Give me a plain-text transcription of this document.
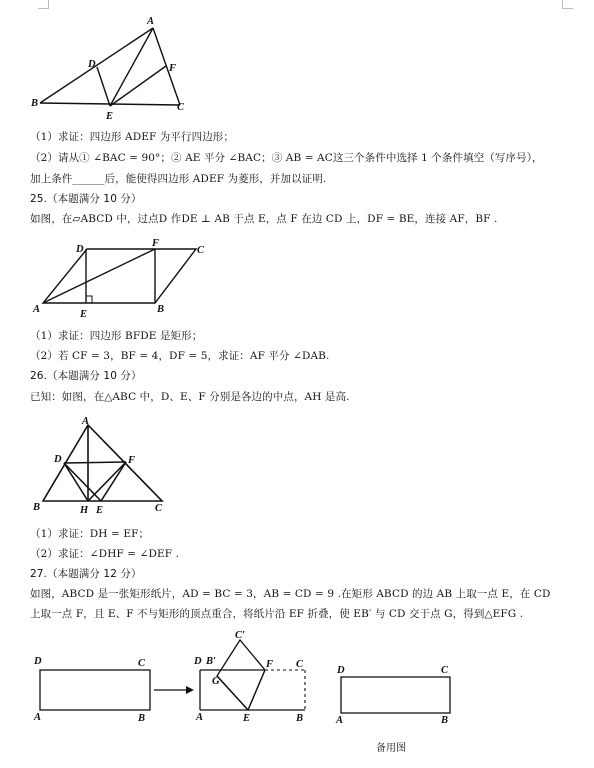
A
B	C
D
E
F
（1）求证：四边形 ADEF 为平行四边形；
（2）请从① ∠BAC = 90°；② AE 平分 ∠BAC；③ AB = AC这三个条件中选择 1 个条件填空（写序号），
加上条件______后，能使得四边形 ADEF 为菱形，并加以证明.
25.（本题满分 10 分）
如图，在▱ABCD 中，过点D 作DE ⊥ AB 于点 E，点 F 在边 CD 上，DF = BE，连接 AF，BF .
A	B
C
D
E
F
（1）求证：四边形 BFDE 是矩形；
（2）若 CF = 3，BF = 4，DF = 5，求证：AF 平分 ∠DAB.
26.（本题满分 10 分）
已知：如图，在△ABC 中，D、E、F 分别是各边的中点，AH 是高.
A
B	C
D
E
F
H
（1）求证：DH = EF；
（2）求证：∠DHF = ∠DEF .
27.（本题满分 12 分）
如图，ABCD 是一张矩形纸片，AD = BC = 3，AB = CD = 9 .在矩形 ABCD 的边 AB 上取一点 E，在 CD
上取一点 F，且 E、F 不与矩形的顶点重合，将纸片沿 EF 折叠，使 EB′ 与 CD 交于点 G，得到△EFG .
D	C
A	B
C′
B′
D	F C
G
A	E	B
D	C
A	B
备用图
